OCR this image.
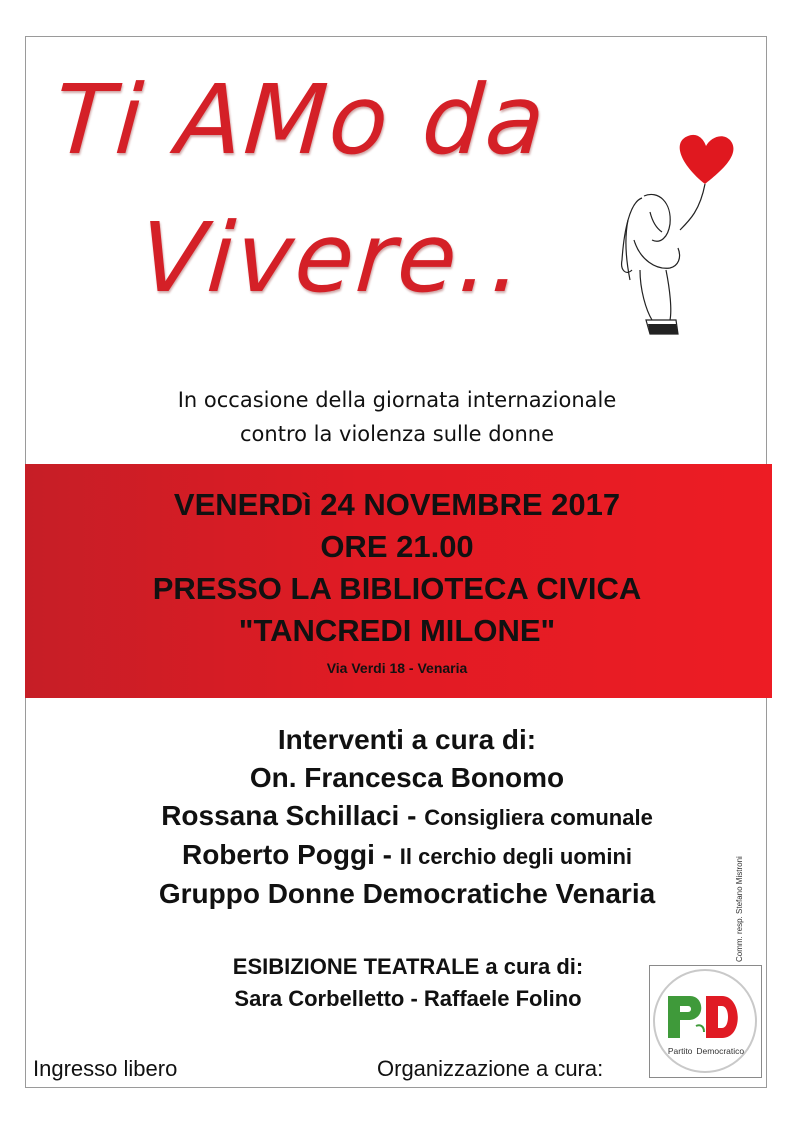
Ti AMo da
Vivere..
In occasione della giornata internazionale
contro la violenza sulle donne
VENERDì 24 NOVEMBRE 2017
ORE 21.00
PRESSO LA BIBLIOTECA CIVICA
"TANCREDI MILONE"
Via Verdi 18 - Venaria
Interventi a cura di:
On. Francesca Bonomo
Rossana Schillaci - Consigliera comunale
Roberto Poggi - Il cerchio degli uomini
Gruppo Donne Democratiche Venaria	Comm. resp. Stefano Mistroni
ESIBIZIONE TEATRALE a cura di:
Sara Corbelletto - Raffaele Folino
Ingresso libero	Organizzazione a cura:
Partito Democratico
